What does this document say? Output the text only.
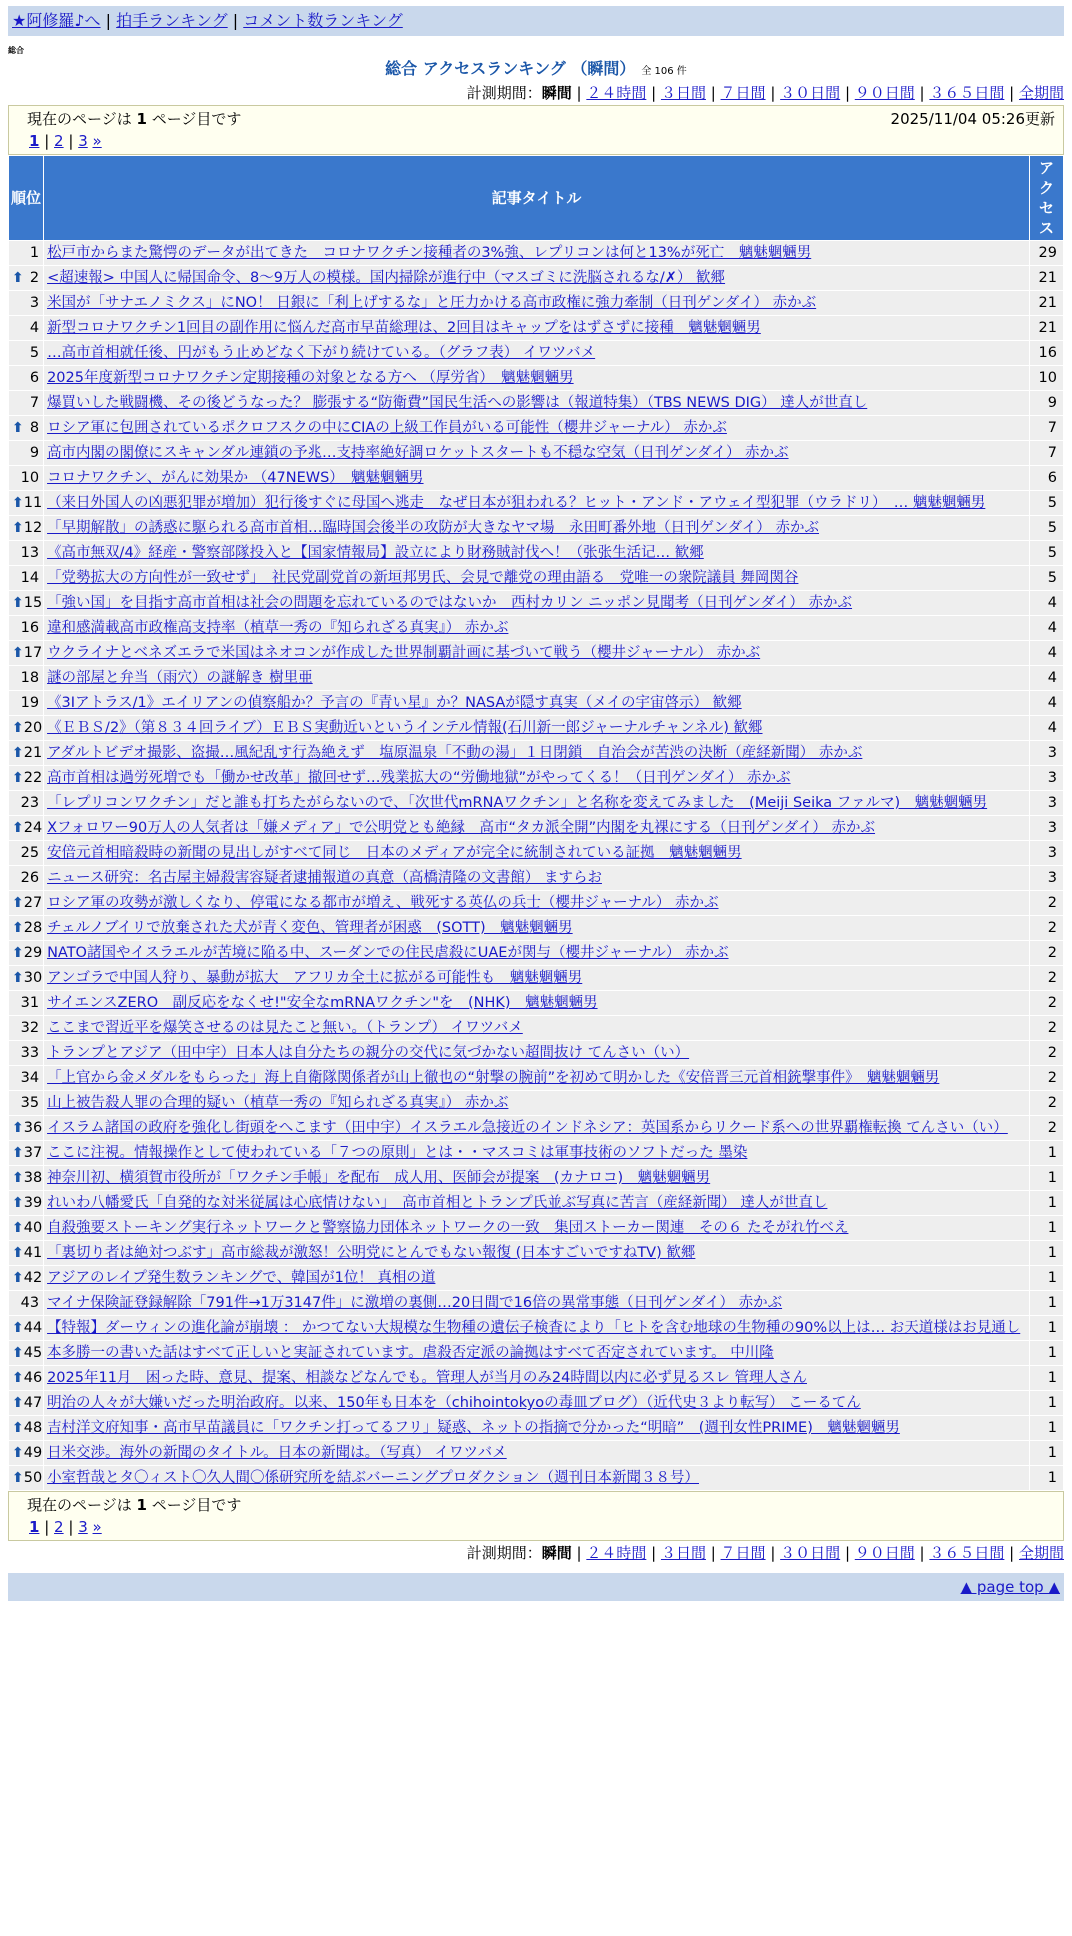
★阿修羅♪へ | 拍手ランキング | コメント数ランキング
総合
総合 アクセスランキング （瞬間） 全 106 件
計測期間：瞬間 | ２４時間 | ３日間 | ７日間 | ３０日間 | ９０日間 | ３６５日間 | 全期間
現在のページは 1 ページ目です	2025/11/04 05:26更新
1 | 2 | 3 »
順位	記事タイトル	アクセス
1	松戸市からまた驚愕のデータが出てきた　コロナワクチン接種者の3%強、レプリコンは何と13%が死亡　魑魅魍魎男	29

⬆ 2	<超速報> 中国人に帰国命令、8～9万人の模様。国内掃除が進行中（マスゴミに洗脳されるな/✗） 歓郷	21
3	米国が「サナエノミクス」にNO！ 日銀に「利上げするな」と圧力かける高市政権に強力牽制（日刊ゲンダイ） 赤かぶ	21
4	新型コロナワクチン1回目の副作用に悩んだ高市早苗総理は、2回目はキャップをはずさずに接種　魑魅魍魎男	21
5	…高市首相就任後、円がもう止めどなく下がり続けている。（グラフ表） イワツバメ	16
6	2025年度新型コロナワクチン定期接種の対象となる方へ （厚労省）　魑魅魍魎男	10
7	爆買いした戦闘機、その後どうなった？ 膨張する“防衛費”国民生活への影響は（報道特集）（TBS NEWS DIG） 達人が世直し	9

⬆ 8	ロシア軍に包囲されているポクロフスクの中にCIAの上級工作員がいる可能性（櫻井ジャーナル） 赤かぶ	7
9	高市内閣の閣僚にスキャンダル連鎖の予兆…支持率絶好調ロケットスタートも不穏な空気（日刊ゲンダイ） 赤かぶ	7
10	コロナワクチン、がんに効果か （47NEWS）　魑魅魍魎男	6

⬆ 11	（来日外国人の凶悪犯罪が増加）犯行後すぐに母国へ逃走　なぜ日本が狙われる？ヒット・アンド・アウェイ型犯罪（ウラドリ）　… 魑魅魍魎男	5

⬆ 12	「早期解散」の誘惑に駆られる高市首相…臨時国会後半の攻防が大きなヤマ場　永田町番外地（日刊ゲンダイ） 赤かぶ	5
13	《高市無双/4》経産・警察部隊投入と【国家情報局】設立により財務賊討伐へ！（张张生活记… 歓郷	5
14	「党勢拡大の方向性が一致せず」　社民党副党首の新垣邦男氏、会見で離党の理由語る　党唯一の衆院議員 舞岡関谷	5

⬆ 15	「強い国」を目指す高市首相は社会の問題を忘れているのではないか　西村カリン ニッポン見聞考（日刊ゲンダイ） 赤かぶ	4
16	違和感満載高市政権高支持率（植草一秀の『知られざる真実』） 赤かぶ	4

⬆ 17	ウクライナとベネズエラで米国はネオコンが作成した世界制覇計画に基づいて戦う（櫻井ジャーナル） 赤かぶ	4
18	謎の部屋と弁当（雨穴）の謎解き 樹里亜	4
19	《3Iアトラス/1》エイリアンの偵察船か？予言の『青い星』か？NASAが隠す真実（メイの宇宙啓示） 歓郷	4

⬆ 20	《ＥＢＳ/2》（第８３４回ライブ）ＥＢＳ実動近いというインテル情報(石川新一郎ジャーナルチャンネル) 歓郷	4

⬆ 21	アダルトビデオ撮影、盗撮…風紀乱す行為絶えず　塩原温泉「不動の湯」１日閉鎖　自治会が苦渋の決断（産経新聞） 赤かぶ	3

⬆ 22	高市首相は過労死増でも「働かせ改革」撤回せず…残業拡大の“労働地獄”がやってくる！（日刊ゲンダイ） 赤かぶ	3
23	「レプリコンワクチン」だと誰も打ちたがらないので、「次世代mRNAワクチン」と名称を変えてみました　(Meiji Seika ファルマ)　魑魅魍魎男	3

⬆ 24	Xフォロワー90万人の人気者は「嫌メディア」で公明党とも絶縁　高市“タカ派全開”内閣を丸裸にする（日刊ゲンダイ） 赤かぶ	3
25	安倍元首相暗殺時の新聞の見出しがすべて同じ　日本のメディアが完全に統制されている証拠　魑魅魍魎男	3
26	ニュース研究：名古屋主婦殺害容疑者逮捕報道の真意（高橋清隆の文書館） ますらお	3

⬆ 27	ロシア軍の攻勢が激しくなり、停電になる都市が増え、戦死する英仏の兵士（櫻井ジャーナル） 赤かぶ	2

⬆ 28	チェルノブイリで放棄された犬が青く変色、管理者が困惑　(SOTT)　魑魅魍魎男	2

⬆ 29	NATO諸国やイスラエルが苦境に陥る中、スーダンでの住民虐殺にUAEが関与（櫻井ジャーナル） 赤かぶ	2

⬆ 30	アンゴラで中国人狩り、暴動が拡大　アフリカ全土に拡がる可能性も　魑魅魍魎男	2
31	サイエンスZERO　副反応をなくせ!"安全なmRNAワクチン"を　(NHK)　魑魅魍魎男	2
32	ここまで習近平を爆笑させるのは見たこと無い。（トランプ） イワツバメ	2
33	トランプとアジア（田中宇）日本人は自分たちの親分の交代に気づかない超間抜け てんさい（い）	2
34	「上官から金メダルをもらった」海上自衛隊関係者が山上徹也の“射撃の腕前”を初めて明かした《安倍晋三元首相銃撃事件》　魑魅魍魎男	2
35	山上被告殺人罪の合理的疑い（植草一秀の『知られざる真実』） 赤かぶ	2

⬆ 36	イスラム諸国の政府を強化し街頭をへこます（田中宇）イスラエル急接近のインドネシア：英国系からリクード系への世界覇権転換 てんさい（い）	2

⬆ 37	ここに注視。情報操作として使われている「７つの原則」とは・・マスコミは軍事技術のソフトだった 墨染	1

⬆ 38	神奈川初、横須賀市役所が「ワクチン手帳」を配布　成人用、医師会が提案　(カナロコ)　魑魅魍魎男	1

⬆ 39	れいわ八幡愛氏「自発的な対米従属は心底情けない」　高市首相とトランプ氏並ぶ写真に苦言（産経新聞） 達人が世直し	1

⬆ 40	自殺強要ストーキング実行ネットワークと警察協力団体ネットワークの一致　集団ストーカー関連　その６ たそがれ竹べえ	1

⬆ 41	「裏切り者は絶対つぶす」高市総裁が激怒！公明党にとんでもない報復 (日本すごいですねTV) 歓郷	1

⬆ 42	アジアのレイプ発生数ランキングで、韓国が1位！ 真相の道	1
43	マイナ保険証登録解除「791件→1万3147件」に激増の裏側…20日間で16倍の異常事態（日刊ゲンダイ） 赤かぶ	1

⬆ 44	【特報】ダーウィンの進化論が崩壊 ： かつてない大規模な生物種の遺伝子検査により「ヒトを含む地球の生物種の90%以上は… お天道様はお見通し	1

⬆ 45	本多勝一の書いた話はすべて正しいと実証されています。虐殺否定派の論拠はすべて否定されています。 中川隆	1

⬆ 46	2025年11月　困った時、意見、提案、相談などなんでも。管理人が当月のみ24時間以内に必ず見るスレ 管理人さん	1

⬆ 47	明治の人々が大嫌いだった明治政府。以来、150年も日本を（chihointokyoの毒皿ブログ）（近代史３より転写） こーるてん	1

⬆ 48	吉村洋文府知事・高市早苗議員に「ワクチン打ってるフリ」疑惑、ネットの指摘で分かった“明暗”　(週刊女性PRIME)　魑魅魍魎男	1

⬆ 49	日米交渉。海外の新聞のタイトル。日本の新聞は。（写真） イワツバメ	1

⬆ 50	小室哲哉とタ〇ィスト〇久人間〇係研究所を結ぶバーニングプロダクション（週刊日本新聞３８号）	1
現在のページは 1 ページ目です
1 | 2 | 3 »
計測期間：瞬間 | ２４時間 | ３日間 | ７日間 | ３０日間 | ９０日間 | ３６５日間 | 全期間
▲ page top ▲
